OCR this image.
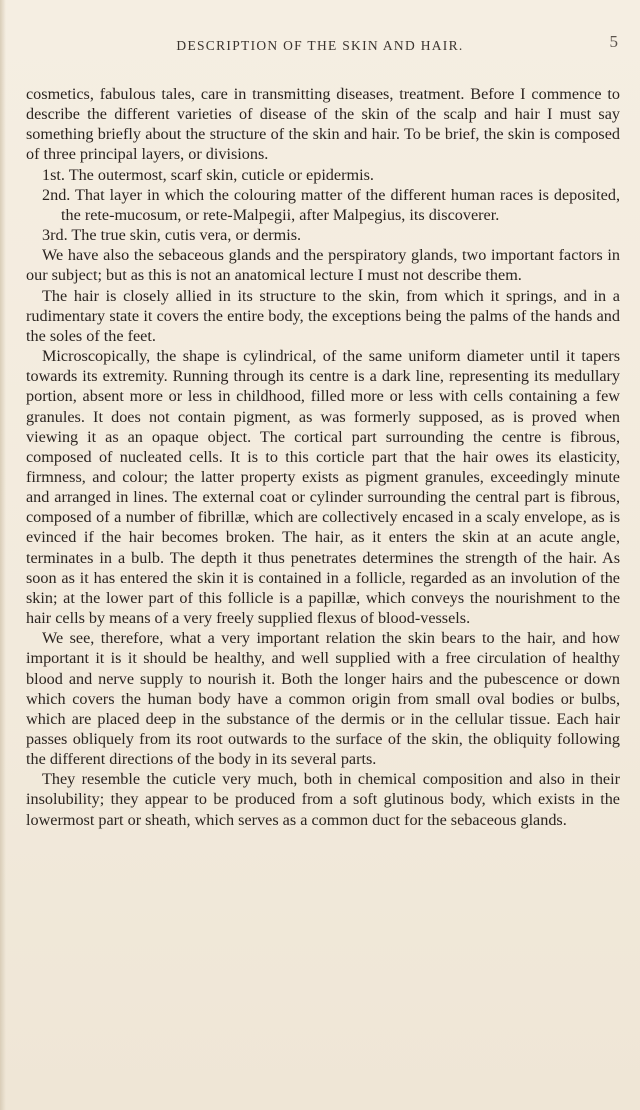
DESCRIPTION OF THE SKIN AND HAIR.	5

cosmetics, fabulous tales, care in transmitting diseases, treatment. Before I commence to describe the different varieties of disease of the skin of the scalp and hair I must say something briefly about the structure of the skin and hair. To be brief, the skin is composed of three principal layers, or divisions.

1st. The outermost, scarf skin, cuticle or epidermis.

2nd. That layer in which the colouring matter of the different human races is deposited, the rete-mucosum, or rete-Malpegii, after Malpegius, its discoverer.

3rd. The true skin, cutis vera, or dermis.

We have also the sebaceous glands and the perspiratory glands, two important factors in our subject; but as this is not an anatomical lecture I must not describe them.

The hair is closely allied in its structure to the skin, from which it springs, and in a rudimentary state it covers the entire body, the exceptions being the palms of the hands and the soles of the feet.

Microscopically, the shape is cylindrical, of the same uniform diameter until it tapers towards its extremity. Running through its centre is a dark line, representing its medullary portion, absent more or less in childhood, filled more or less with cells containing a few granules. It does not contain pigment, as was formerly supposed, as is proved when viewing it as an opaque object. The cortical part surrounding the centre is fibrous, composed of nucleated cells. It is to this corticle part that the hair owes its elasticity, firmness, and colour; the latter property exists as pigment granules, exceedingly minute and arranged in lines. The external coat or cylinder surrounding the central part is fibrous, composed of a number of fibrillæ, which are collectively encased in a scaly envelope, as is evinced if the hair becomes broken. The hair, as it enters the skin at an acute angle, terminates in a bulb. The depth it thus penetrates determines the strength of the hair. As soon as it has entered the skin it is contained in a follicle, regarded as an involution of the skin; at the lower part of this follicle is a papillæ, which conveys the nourishment to the hair cells by means of a very freely supplied flexus of blood-vessels.

We see, therefore, what a very important relation the skin bears to the hair, and how important it is it should be healthy, and well supplied with a free circulation of healthy blood and nerve supply to nourish it. Both the longer hairs and the pubescence or down which covers the human body have a common origin from small oval bodies or bulbs, which are placed deep in the substance of the dermis or in the cellular tissue. Each hair passes obliquely from its root outwards to the surface of the skin, the obliquity following the different directions of the body in its several parts.

They resemble the cuticle very much, both in chemical composition and also in their insolubility; they appear to be produced from a soft glutinous body, which exists in the lowermost part or sheath, which serves as a common duct for the sebaceous glands.
